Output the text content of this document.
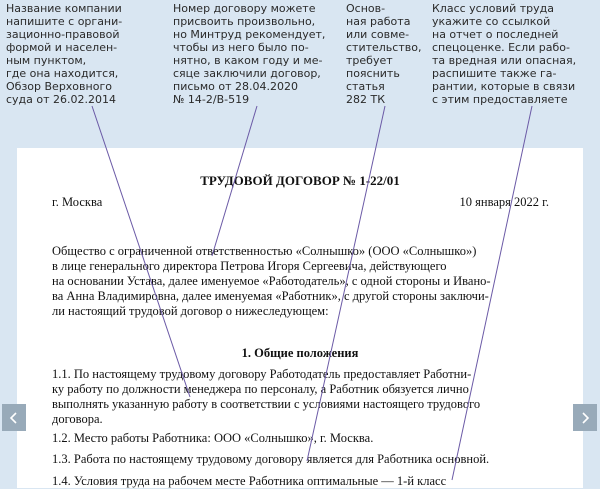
Название компании
напишите с органи-
зационно-правовой
формой и населен-
ным пунктом,
где она находится,
Обзор Верховного
суда от 26.02.2014
Номер договору можете
присвоить произвольно,
но Минтруд рекомендует,
чтобы из него было по-
нятно, в каком году и ме-
сяце заключили договор,
письмо от 28.04.2020
№ 14-2/В-519
Основ-
ная работа
или совме-
стительство,
требует
пояснить
статья
282 ТК
Класс условий труда
укажите со ссылкой
на отчет о последней
спецоценке. Если рабо-
та вредная или опасная,
распишите также га-
рантии, которые в связи
с этим предоставляете

ТРУДОВОЙ ДОГОВОР № 1-22/01

г. Москва	10 января 2022 г.

Общество с ограниченной ответственностью «Солнышко» (ООО «Солнышко»)

в лице генерального директора Петрова Игоря Сергеевича, действующего

на основании Устава, далее именуемое «Работодатель», с одной стороны и Ивано-

ва Анна Владимировна, далее именуемая «Работник», с другой стороны заключи-

ли настоящий трудовой договор о нижеследующем:

1. Общие положения

1.1. По настоящему трудовому договору Работодатель предоставляет Работни-

ку работу по должности менеджера по персоналу, а Работник обязуется лично

выполнять указанную работу в соответствии с условиями настоящего трудового

договора.

1.2. Место работы Работника: ООО «Солнышко», г. Москва.

1.3. Работа по настоящему трудовому договору является для Работника основной.

1.4. Условия труда на рабочем месте Работника оптимальные — 1-й класс
